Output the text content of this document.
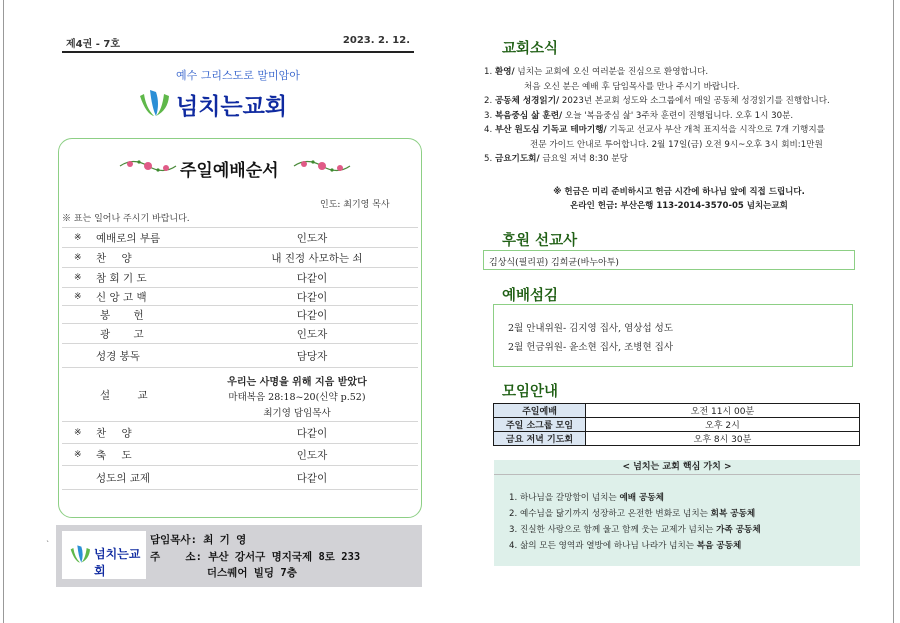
제4권 - 7호	2023. 2. 12.
예수 그리스도로 말미암아
넘치는교회
주일예배순서
인도: 최기영 목사
※ 표는 일어나 주시기 바랍니다.
※ 예배로의 부름	인도자
※ 찬 양	내 진정 사모하는 쇠
※ 참 회 기 도	다같이
※ 신 앙 고 백	다같이
봉 헌	다같이
광 고	인도자
성경 봉독	담당자
설 교
우리는 사명을 위해 지음 받았다
마태복음 28:18~20(신약 p.52)
최기영 담임목사
※ 찬 양	다같이
※ 축 도	인도자
성도의 교제	다같이
`
넘치는교회
담임목사: 최 기 영
주    소: 부산 강서구 명지국제 8로 233
더스퀘어 빌딩 7층
교회소식
1. 환영/ 넘치는 교회에 오신 여러분을 진심으로 환영합니다.
처음 오신 분은 예배 후 담임목사를 만나 주시기 바랍니다.
2. 공동체 성경읽기/ 2023년 본교회 성도와 소그룹에서 매일 공동체 성경읽기를 진행합니다.
3. 복음중심 삶 훈련/ 오늘 '복음중심 삶' 3주차 훈련이 진행됩니다. 오후 1시 30분.
4. 부산 원도심 기독교 테마기행/ 기독교 선교사 부산 개척 표지석을 시작으로 7개 기행지를
전문 가이드 안내로 투어합니다. 2월 17일(금) 오전 9시~오후 3시 회비:1만원
5. 금요기도회/ 금요일 저녁 8:30 분당
※ 헌금은 미리 준비하시고 헌금 시간에 하나님 앞에 직접 드립니다.
온라인 헌금: 부산은행 113-2014-3570-05 넘치는교회
후원 선교사
김상식(필리핀) 김희균(바누아투)
예배섬김
2월 안내위원- 김지영 집사, 염상섭 성도
2월 헌금위원- 윤소현 집사, 조병현 집사
모임안내
주일예배	오전 11시 00분
주일 소그룹 모임	오후 2시
금요 저녁 기도회	오후 8시 30분
< 넘치는 교회 핵심 가치 >
1. 하나님을 갈망함이 넘치는 예배 공동체
2. 예수님을 닮기까지 성장하고 온전한 변화로 넘치는 회복 공동체
3. 진실한 사랑으로 함께 울고 함께 웃는 교제가 넘치는 가족 공동체
4. 삶의 모든 영역과 열방에 하나님 나라가 넘치는 복음 공동체
